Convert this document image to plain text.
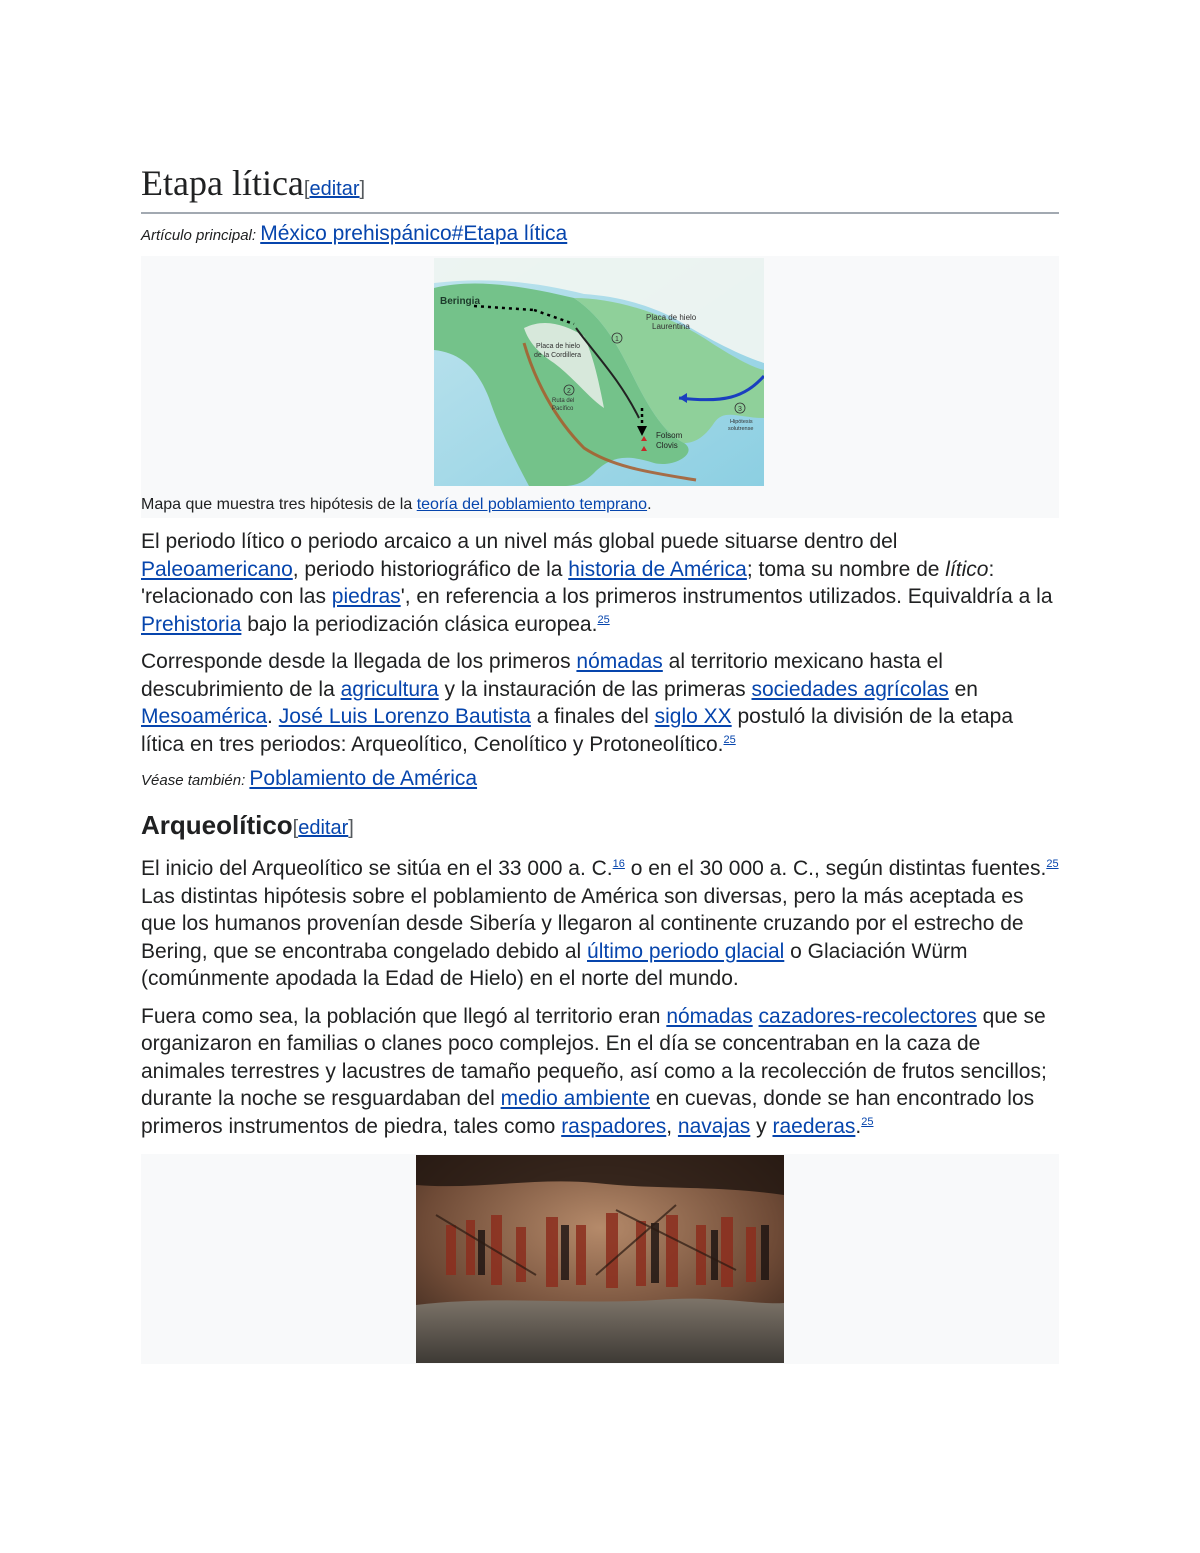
Etapa lítica[editar]
Artículo principal: México prehispánico#Etapa lítica
Beringia
Placa de hielo
Laurentina
Placa de hielo
de la Cordillera
Ruta del
Pacífico
Folsom
Clovis
Hipótesis
solutrense
1
2
3
Mapa que muestra tres hipótesis de la teoría del poblamiento temprano.

El periodo lítico o periodo arcaico a un nivel más global puede situarse dentro del Paleoamericano, periodo historiográfico de la historia de América; toma su nombre de lítico: 'relacionado con las piedras', en referencia a los primeros instrumentos utilizados. Equivaldría a la Prehistoria bajo la periodización clásica europea.$^{25}$

Corresponde desde la llegada de los primeros nómadas al territorio mexicano hasta el descubrimiento de la agricultura y la instauración de las primeras sociedades agrícolas en Mesoamérica. José Luis Lorenzo Bautista a finales del siglo XX postuló la división de la etapa lítica en tres periodos: Arqueolítico, Cenolítico y Protoneolítico.$^{25}$

Véase también: Poblamiento de América
Arqueolítico[editar]

El inicio del Arqueolítico se sitúa en el 33 000 a. C.$^{16}$ o en el 30 000 a. C., según distintas fuentes.$^{25}$ Las distintas hipótesis sobre el poblamiento de América son diversas, pero la más aceptada es que los humanos provenían desde Sibería y llegaron al continente cruzando por el estrecho de Bering, que se encontraba congelado debido al último periodo glacial o Glaciación Würm (comúnmente apodada la Edad de Hielo) en el norte del mundo.

Fuera como sea, la población que llegó al territorio eran nómadas cazadores-recolectores que se organizaron en familias o clanes poco complejos. En el día se concentraban en la caza de animales terrestres y lacustres de tamaño pequeño, así como a la recolección de frutos sencillos; durante la noche se resguardaban del medio ambiente en cuevas, donde se han encontrado los primeros instrumentos de piedra, tales como raspadores, navajas y raederas.$^{25}$
